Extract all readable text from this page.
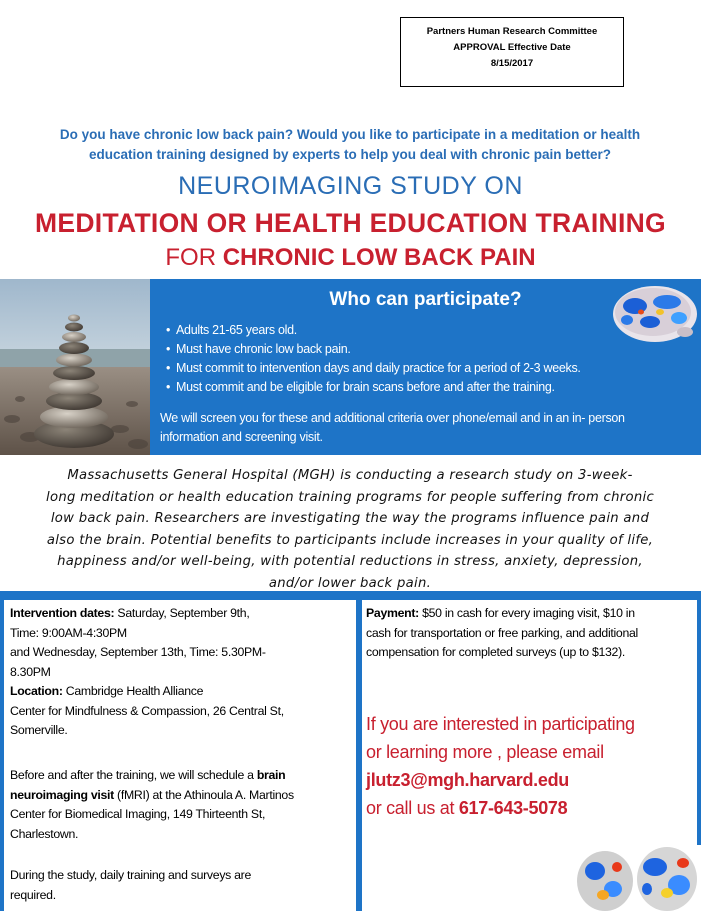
Partners Human Research Committee
APPROVAL Effective Date
8/15/2017
Do you have chronic low back pain? Would you like to participate in a meditation or health
education training designed by experts to help you deal with chronic pain better?
NEUROIMAGING STUDY ON
MEDITATION OR HEALTH EDUCATION TRAINING
FOR CHRONIC LOW BACK PAIN
Who can participate?
• Adults 21-65 years old.
• Must have chronic low back pain.
• Must commit to intervention days and daily practice for a period of 2-3 weeks.
• Must commit and be eligible for brain scans before and after the training.
We will screen you for these and additional criteria over phone/email and in an in- person
information and screening visit.
Massachusetts General Hospital (MGH) is conducting a research study on 3-week-
long meditation or health education training programs for people suffering from chronic
low back pain. Researchers are investigating the way the programs influence pain and
also the brain. Potential benefits to participants include increases in your quality of life,
happiness and/or well-being, with potential reductions in stress, anxiety, depression,
and/or lower back pain.
Intervention dates: Saturday, September 9th,
Time: 9:00AM-4:30PM
and Wednesday, September 13th, Time: 5.30PM-
8.30PM
Location: Cambridge Health Alliance
Center for Mindfulness & Compassion, 26 Central St,
Somerville.
Before and after the training, we will schedule a brain
neuroimaging visit (fMRI) at the Athinoula A. Martinos
Center for Biomedical Imaging, 149 Thirteenth St,
Charlestown.
During the study, daily training and surveys are
required.
Payment: $50 in cash for every imaging visit, $10 in
cash for transportation or free parking, and additional
compensation for completed surveys (up to $132).
If you are interested in participating
or learning more , please email
jlutz3@mgh.harvard.edu
or call us at 617-643-5078
